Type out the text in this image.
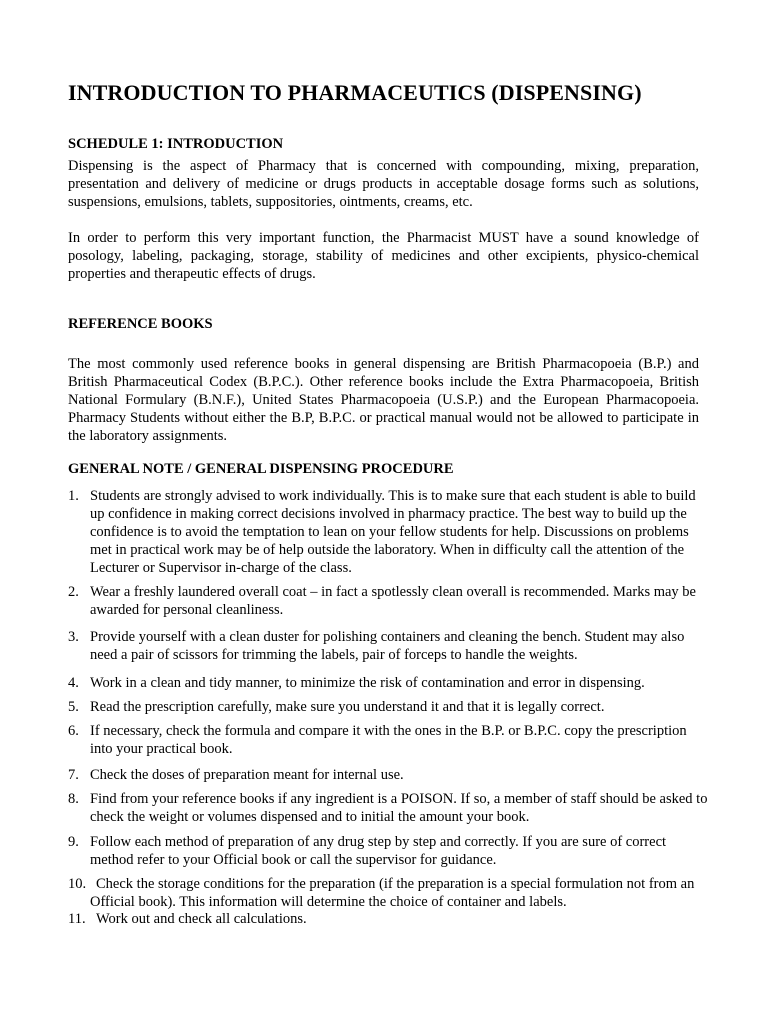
INTRODUCTION TO PHARMACEUTICS (DISPENSING)
SCHEDULE 1: INTRODUCTION

Dispensing is the aspect of Pharmacy that is concerned with compounding, mixing, preparation, presentation and delivery of medicine or drugs products in acceptable dosage forms such as solutions, suspensions, emulsions, tablets, suppositories, ointments, creams, etc.

In order to perform this very important function, the Pharmacist MUST have a sound knowledge of posology, labeling, packaging, storage, stability of medicines and other excipients, physico-chemical properties and therapeutic effects of drugs.

REFERENCE BOOKS

The most commonly used reference books in general dispensing are British Pharmacopoeia (B.P.) and British Pharmaceutical Codex (B.P.C.). Other reference books include the Extra Pharmacopoeia, British National Formulary (B.N.F.), United States Pharmacopoeia (U.S.P.) and the European Pharmacopoeia. Pharmacy Students without either the B.P, B.P.C. or practical manual would not be allowed to participate in the laboratory assignments.

GENERAL NOTE / GENERAL DISPENSING PROCEDURE
1. Students are strongly advised to work individually. This is to make sure that each student is able to build up confidence in making correct decisions involved in pharmacy practice. The best way to build up the confidence is to avoid the temptation to lean on your fellow students for help. Discussions on problems met in practical work may be of help outside the laboratory. When in difficulty call the attention of the Lecturer or Supervisor in-charge of the class.
2. Wear a freshly laundered overall coat – in fact a spotlessly clean overall is recommended. Marks may be awarded for personal cleanliness.
3. Provide yourself with a clean duster for polishing containers and cleaning the bench. Student may also need a pair of scissors for trimming the labels, pair of forceps to handle the weights.
4. Work in a clean and tidy manner, to minimize the risk of contamination and error in dispensing.
5. Read the prescription carefully, make sure you understand it and that it is legally correct.
6. If necessary, check the formula and compare it with the ones in the B.P. or B.P.C. copy the prescription into your practical book.
7. Check the doses of preparation meant for internal use.
8. Find from your reference books if any ingredient is a POISON. If so, a member of staff should be asked to check the weight or volumes dispensed and to initial the amount your book.
9. Follow each method of preparation of any drug step by step and correctly. If you are sure of correct method refer to your Official book or call the supervisor for guidance.
10. Check the storage conditions for the preparation (if the preparation is a special formulation not from an Official book). This information will determine the choice of container and labels.
11. Work out and check all calculations.
